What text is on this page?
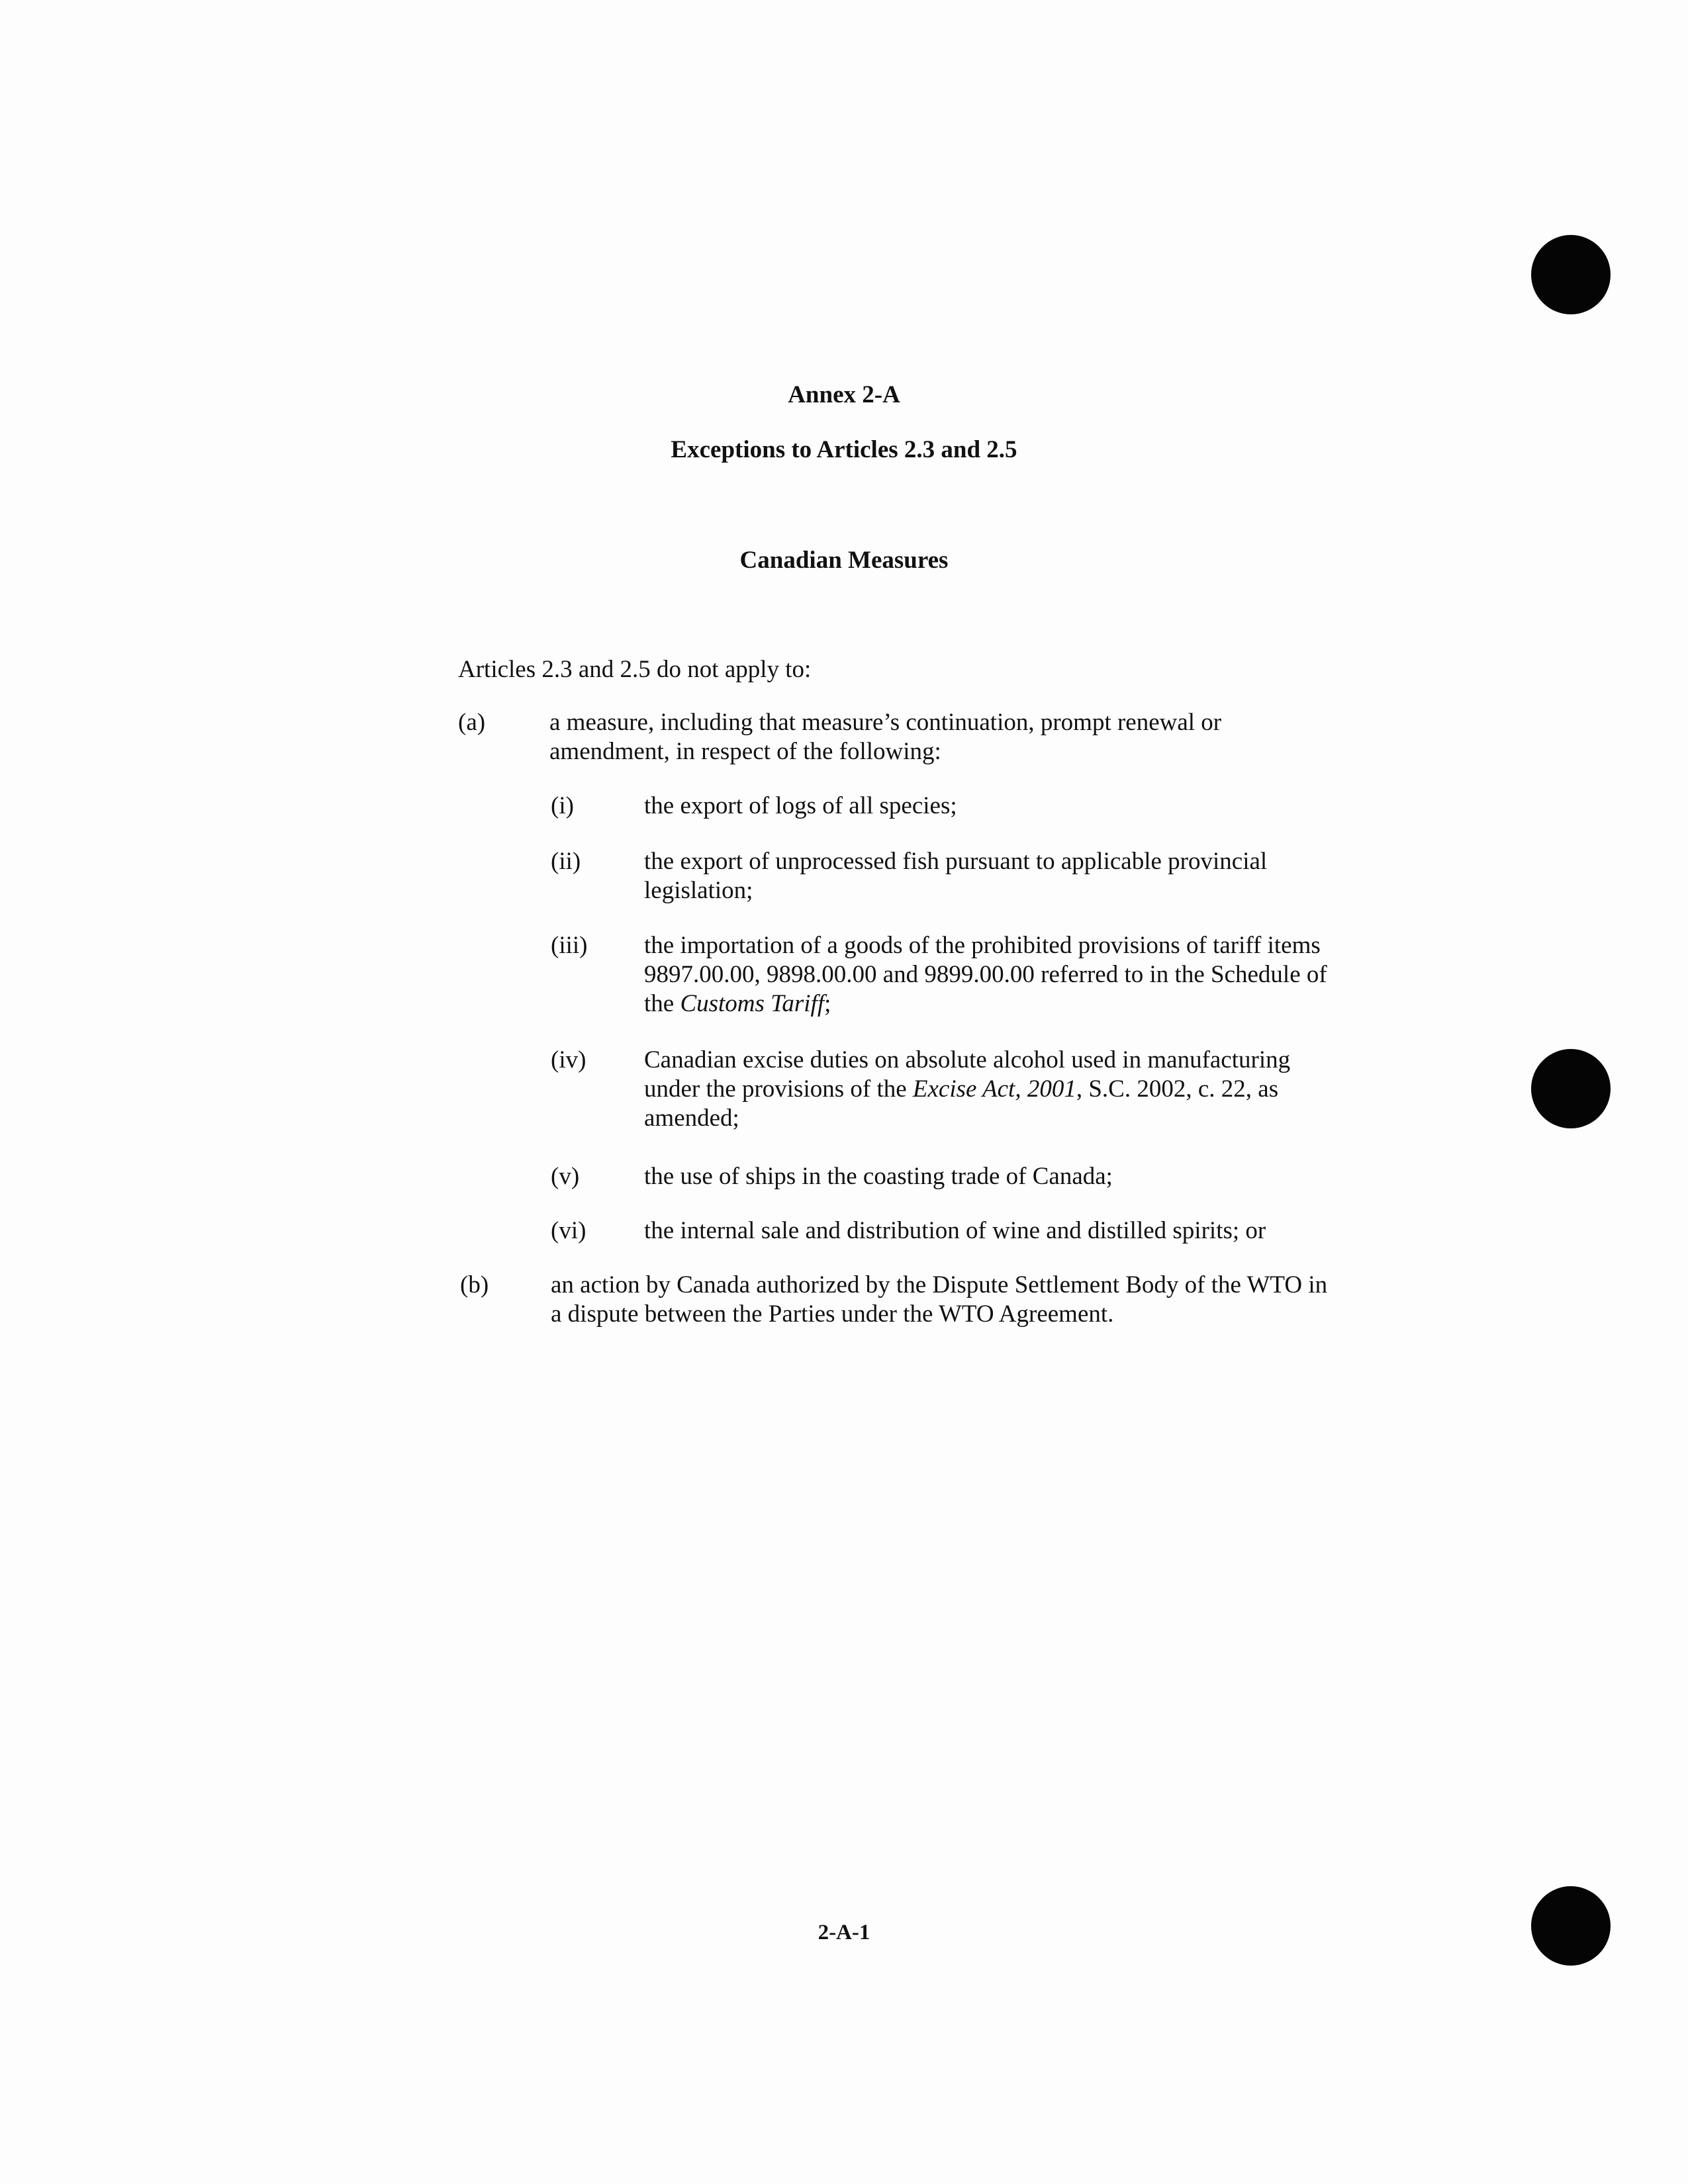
Annex 2-A
Exceptions to Articles 2.3 and 2.5
Canadian Measures
Articles 2.3 and 2.5 do not apply to:
(a)	a measure, including that measure’s continuation, prompt renewal or
amendment, in respect of the following:
(i)	the export of logs of all species;
(ii)	the export of unprocessed fish pursuant to applicable provincial
legislation;
(iii) the importation of a goods of the prohibited provisions of tariff items
9897.00.00, 9898.00.00 and 9899.00.00 referred to in the Schedule of
the Customs Tariff;
(iv) Canadian excise duties on absolute alcohol used in manufacturing
under the provisions of the Excise Act, 2001, S.C. 2002, c. 22, as
amended;
(v)	the use of ships in the coasting trade of Canada;
(vi) the internal sale and distribution of wine and distilled spirits; or
(b)	an action by Canada authorized by the Dispute Settlement Body of the WTO in
a dispute between the Parties under the WTO Agreement.
2-A-1
